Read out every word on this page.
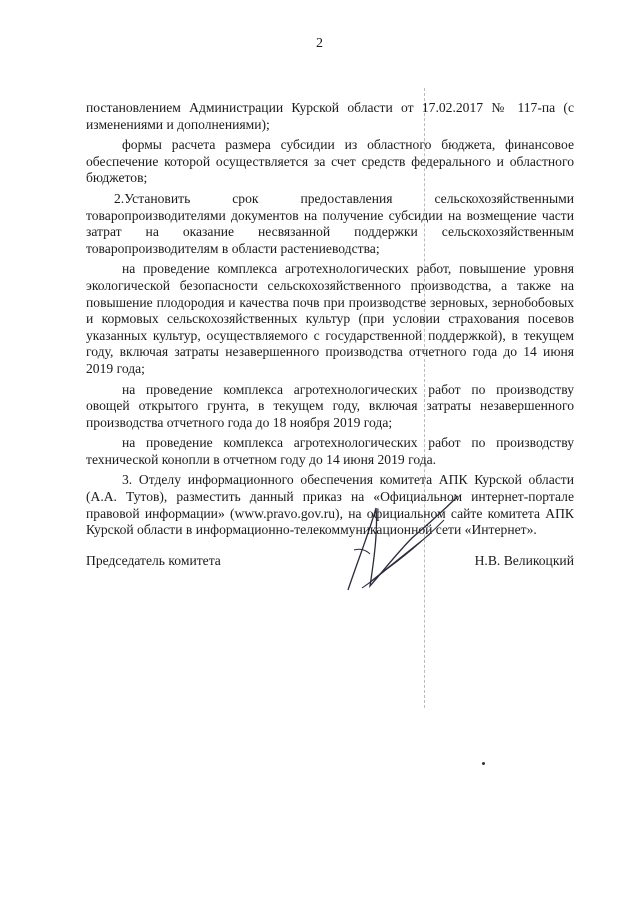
2

постановлением Администрации Курской области от 17.02.2017 № 117-па (с изменениями и дополнениями);

формы расчета размера субсидии из областного бюджета, финансовое обеспечение которой осуществляется за счет средств федерального и областного бюджетов;

2.Установить срок предоставления сельскохозяйственными товаропроизводителями документов на получение субсидии на возмещение части затрат на оказание несвязанной поддержки сельскохозяйственным товаропроизводителям в области растениеводства;

на проведение комплекса агротехнологических работ, повышение уровня экологической безопасности сельскохозяйственного производства, а также на повышение плодородия и качества почв при производстве зерновых, зернобобовых и кормовых сельскохозяйственных культур (при условии страхования посевов указанных культур, осуществляемого с государственной поддержкой), в текущем году, включая затраты незавершенного производства отчетного года до 14 июня 2019 года;

на проведение комплекса агротехнологических работ по производству овощей открытого грунта, в текущем году, включая затраты незавершенного производства отчетного года до 18 ноября 2019 года;

на проведение комплекса агротехнологических работ по производству технической конопли в отчетном году до 14 июня 2019 года.

3. Отделу информационного обеспечения комитета АПК Курской области (А.А. Тутов), разместить данный приказ на «Официальном интернет-портале правовой информации» (www.pravo.gov.ru), на официальном сайте комитета АПК Курской области в информационно-телекоммуникационной сети «Интернет».

Председатель комитета	Н.В. Великоцкий
